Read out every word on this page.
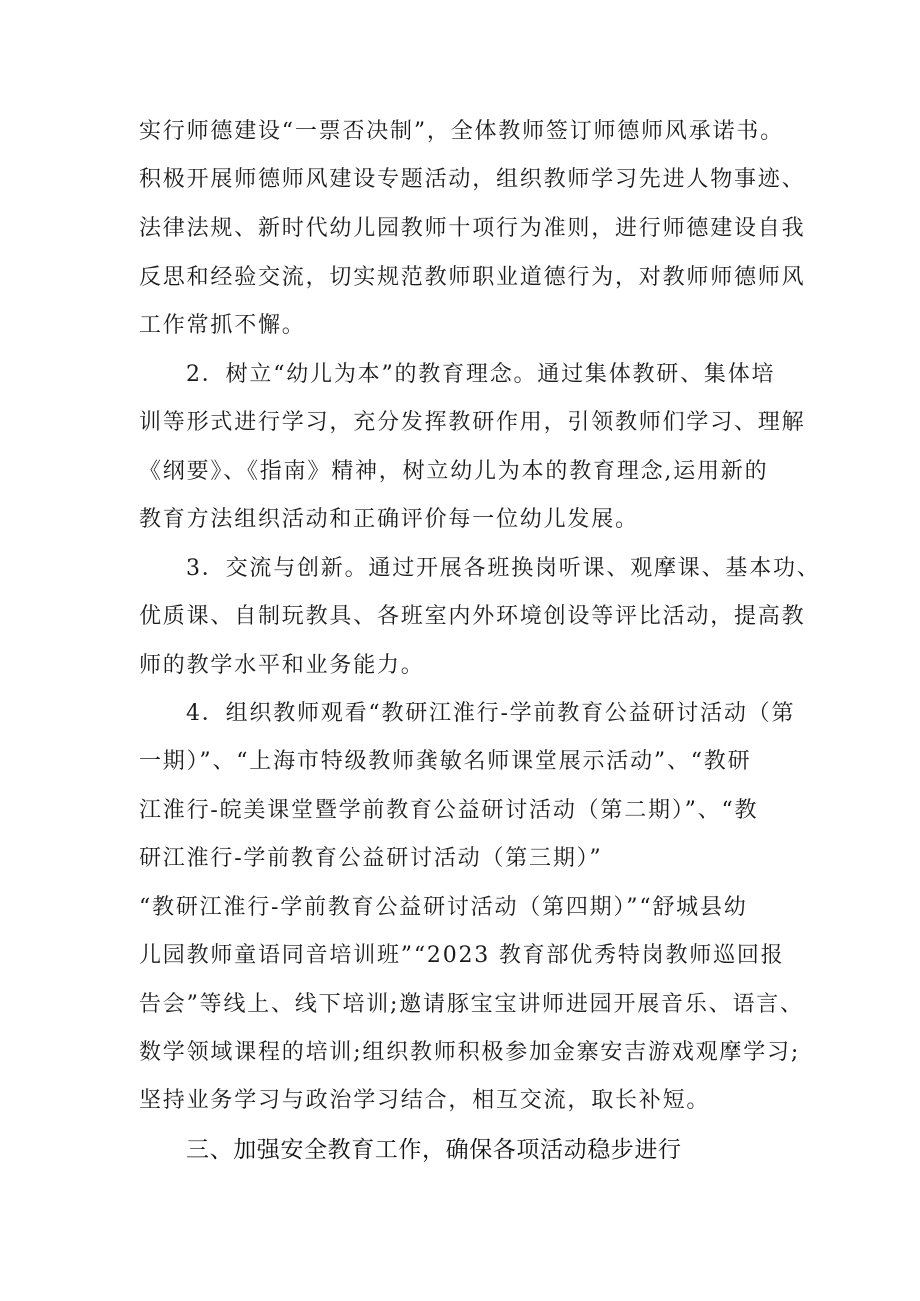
实行师德建设“一票否决制”，全体教师签订师德师风承诺书。
积极开展师德师风建设专题活动，组织教师学习先进人物事迹、
法律法规、新时代幼儿园教师十项行为准则，进行师德建设自我
反思和经验交流，切实规范教师职业道德行为，对教师师德师风
工作常抓不懈。
2．树立“幼儿为本”的教育理念。通过集体教研、集体培
训等形式进行学习，充分发挥教研作用，引领教师们学习、理解
《纲要》、《指南》精神，树立幼儿为本的教育理念,运用新的
教育方法组织活动和正确评价每一位幼儿发展。
3．交流与创新。通过开展各班换岗听课、观摩课、基本功、
优质课、自制玩教具、各班室内外环境创设等评比活动，提高教
师的教学水平和业务能力。
4．组织教师观看“教研江淮行-学前教育公益研讨活动（第
一期）”、“上海市特级教师龚敏名师课堂展示活动”、“教研
江淮行-皖美课堂暨学前教育公益研讨活动（第二期）”、“教
研江淮行-学前教育公益研讨活动（第三期）”
“教研江淮行-学前教育公益研讨活动（第四期）”“舒城县幼
儿园教师童语同音培训班”“2023 教育部优秀特岗教师巡回报
告会”等线上、线下培训;邀请豚宝宝讲师进园开展音乐、语言、
数学领域课程的培训;组织教师积极参加金寨安吉游戏观摩学习;
坚持业务学习与政治学习结合，相互交流，取长补短。
三、加强安全教育工作，确保各项活动稳步进行
